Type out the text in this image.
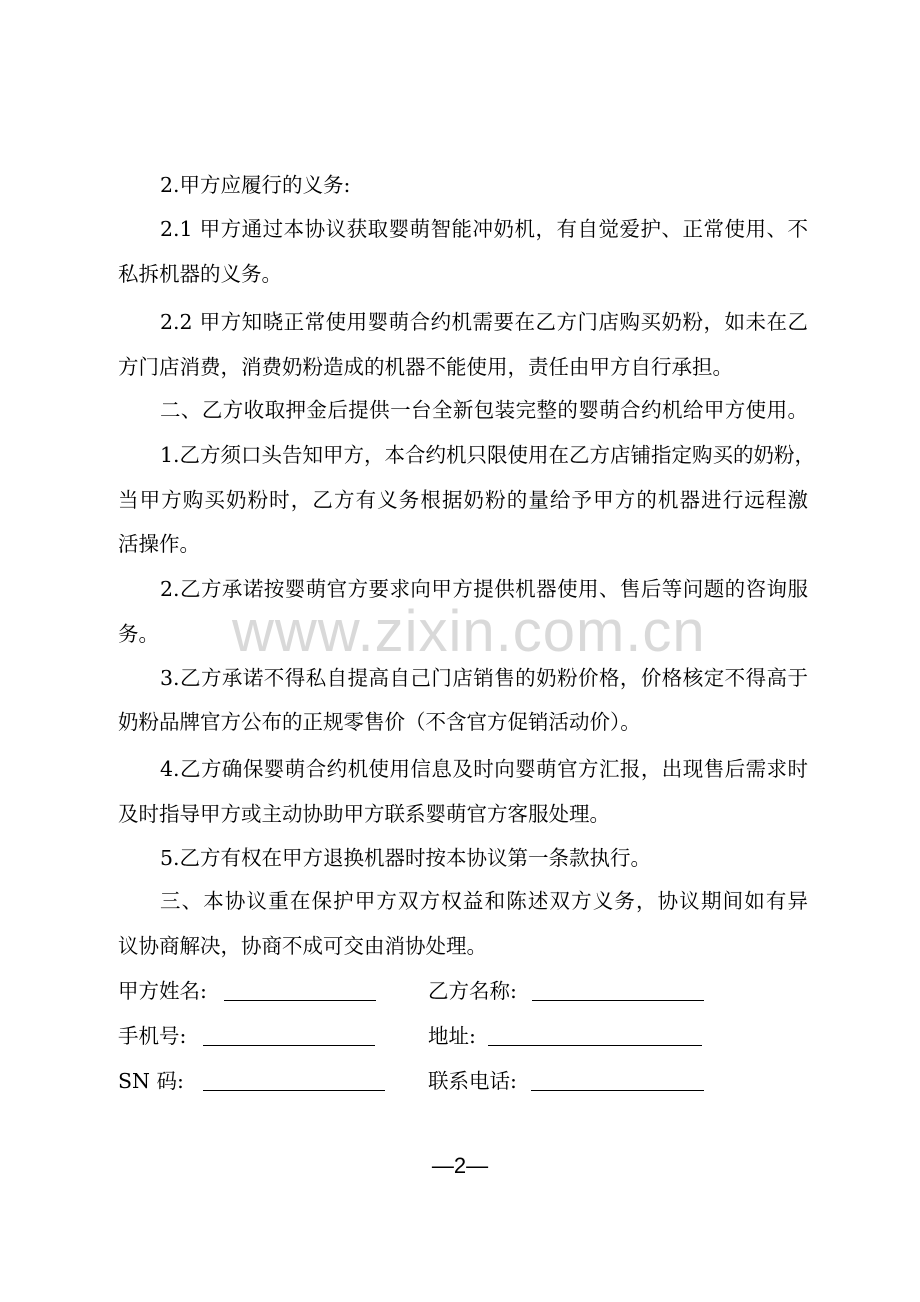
www.zixin.com.cn
2.甲方应履行的义务:
2.1 甲方通过本协议获取婴萌智能冲奶机，有自觉爱护、正常使用、不
私拆机器的义务。
2.2 甲方知晓正常使用婴萌合约机需要在乙方门店购买奶粉，如未在乙
方门店消费，消费奶粉造成的机器不能使用，责任由甲方自行承担。
二、乙方收取押金后提供一台全新包装完整的婴萌合约机给甲方使用。
1.乙方须口头告知甲方，本合约机只限使用在乙方店铺指定购买的奶粉，
当甲方购买奶粉时，乙方有义务根据奶粉的量给予甲方的机器进行远程激
活操作。
2.乙方承诺按婴萌官方要求向甲方提供机器使用、售后等问题的咨询服
务。
3.乙方承诺不得私自提高自己门店销售的奶粉价格，价格核定不得高于
奶粉品牌官方公布的正规零售价（不含官方促销活动价）。
4.乙方确保婴萌合约机使用信息及时向婴萌官方汇报，出现售后需求时
及时指导甲方或主动协助甲方联系婴萌官方客服处理。
5.乙方有权在甲方退换机器时按本协议第一条款执行。
三、本协议重在保护甲方双方权益和陈述双方义务，协议期间如有异
议协商解决，协商不成可交由消协处理。
甲方姓名:	乙方名称:
手机号:	地址:
SN 码:	联系电话:
—2—
